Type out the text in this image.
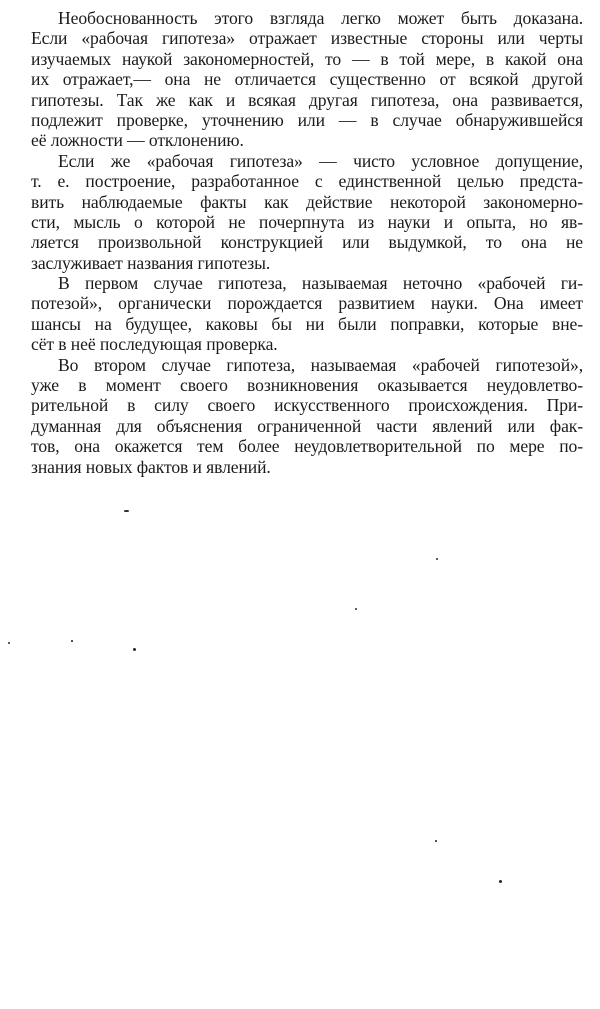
Необоснованность этого взгляда легко может быть доказана.
Если «рабочая гипотеза» отражает известные стороны или черты
изучаемых наукой закономерностей, то — в той мере, в какой она
их отражает,— она не отличается существенно от всякой другой
гипотезы. Так же как и всякая другая гипотеза, она развивается,
подлежит проверке, уточнению или — в случае обнаружившейся
её ложности — отклонению.
Если же «рабочая гипотеза» — чисто условное допущение,
т. е. построение, разработанное с единственной целью предста-
вить наблюдаемые факты как действие некоторой закономерно-
сти, мысль о которой не почерпнута из науки и опыта, но яв-
ляется произвольной конструкцией или выдумкой, то она не
заслуживает названия гипотезы.
В первом случае гипотеза, называемая неточно «рабочей ги-
потезой», органически порождается развитием науки. Она имеет
шансы на будущее, каковы бы ни были поправки, которые вне-
сёт в неё последующая проверка.
Во втором случае гипотеза, называемая «рабочей гипотезой»,
уже в момент своего возникновения оказывается неудовлетво-
рительной в силу своего искусственного происхождения. При-
думанная для объяснения ограниченной части явлений или фак-
тов, она окажется тем более неудовлетворительной по мере по-
знания новых фактов и явлений.
